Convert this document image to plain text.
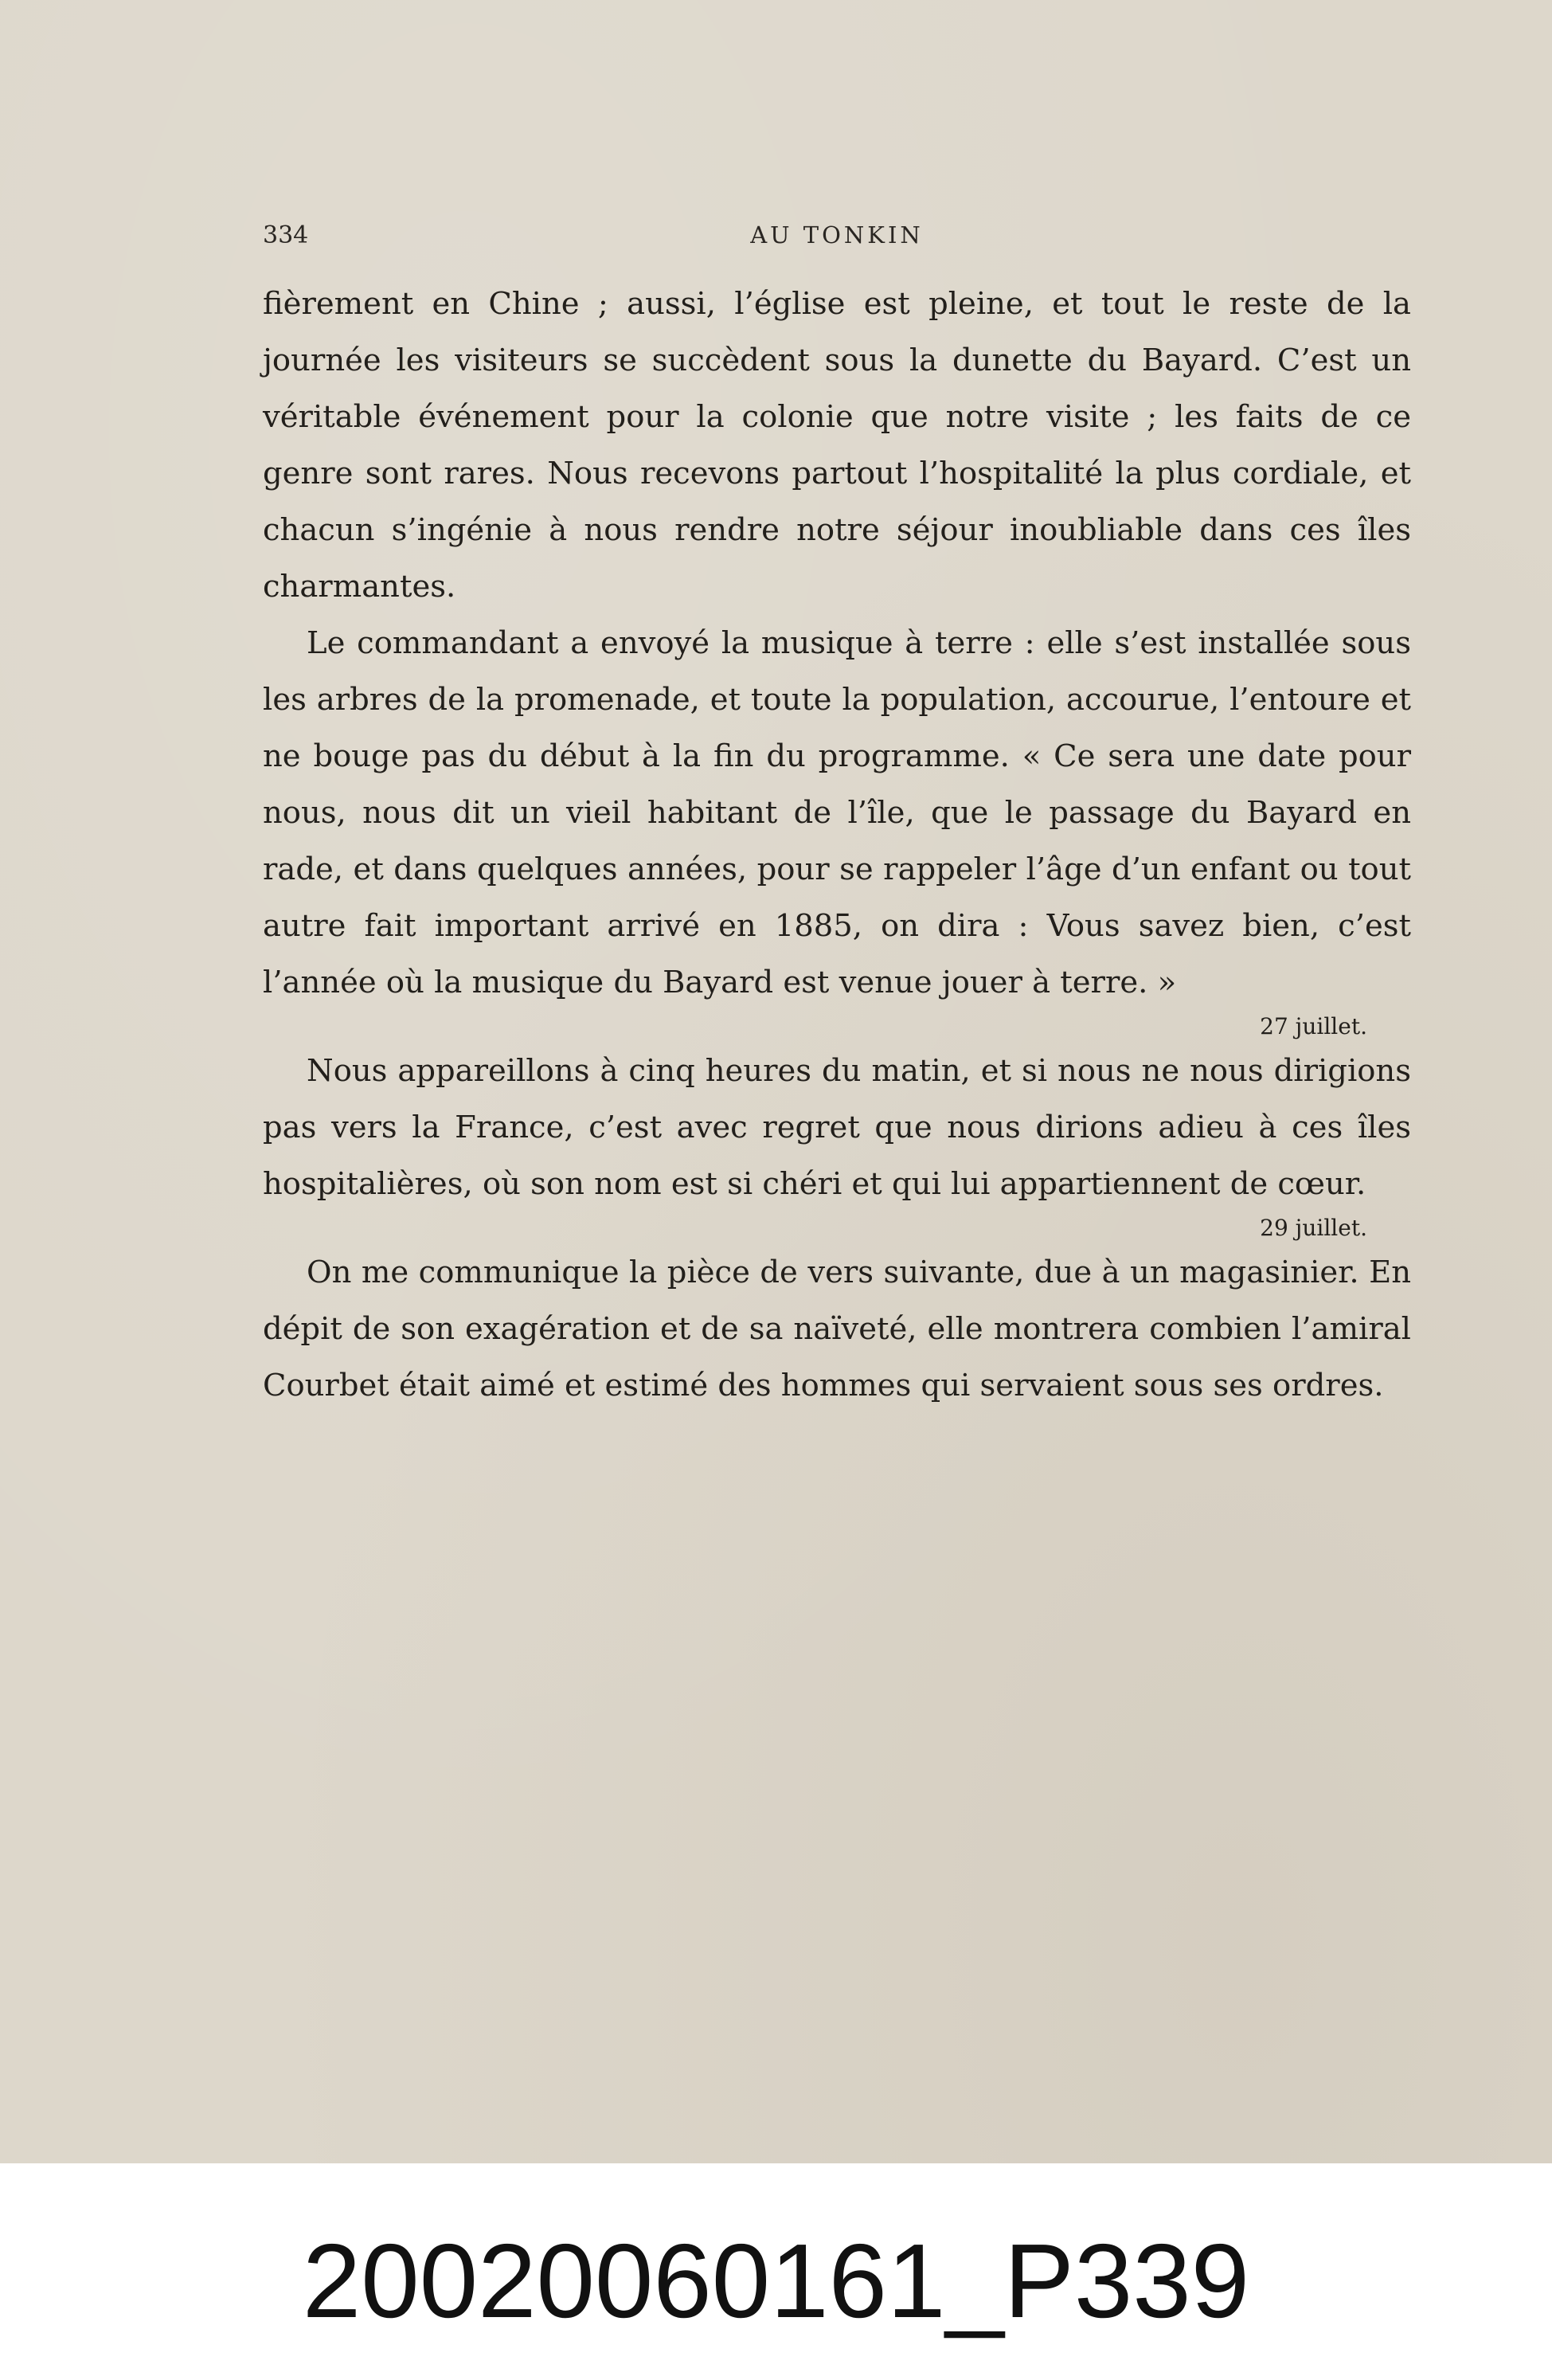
334	AU TONKIN

fièrement en Chine ; aussi, l’église est pleine, et tout le reste de la journée les visiteurs se succèdent sous la dunette du Bayard. C’est un véritable événement pour la colonie que notre visite ; les faits de ce genre sont rares. Nous recevons partout l’hospitalité la plus cordiale, et chacun s’ingénie à nous rendre notre séjour inoubliable dans ces îles charmantes.

Le commandant a envoyé la musique à terre : elle s’est installée sous les arbres de la promenade, et toute la population, accourue, l’entoure et ne bouge pas du début à la fin du programme. « Ce sera une date pour nous, nous dit un vieil habitant de l’île, que le passage du Bayard en rade, et dans quelques années, pour se rappeler l’âge d’un enfant ou tout autre fait important arrivé en 1885, on dira : Vous savez bien, c’est l’année où la musique du Bayard est venue jouer à terre. »

27 juillet.

Nous appareillons à cinq heures du matin, et si nous ne nous dirigions pas vers la France, c’est avec regret que nous dirions adieu à ces îles hospitalières, où son nom est si chéri et qui lui appartiennent de cœur.

29 juillet.

On me communique la pièce de vers suivante, due à un magasinier. En dépit de son exagération et de sa naïveté, elle montrera combien l’amiral Courbet était aimé et estimé des hommes qui servaient sous ses ordres.

20020060161_P339
